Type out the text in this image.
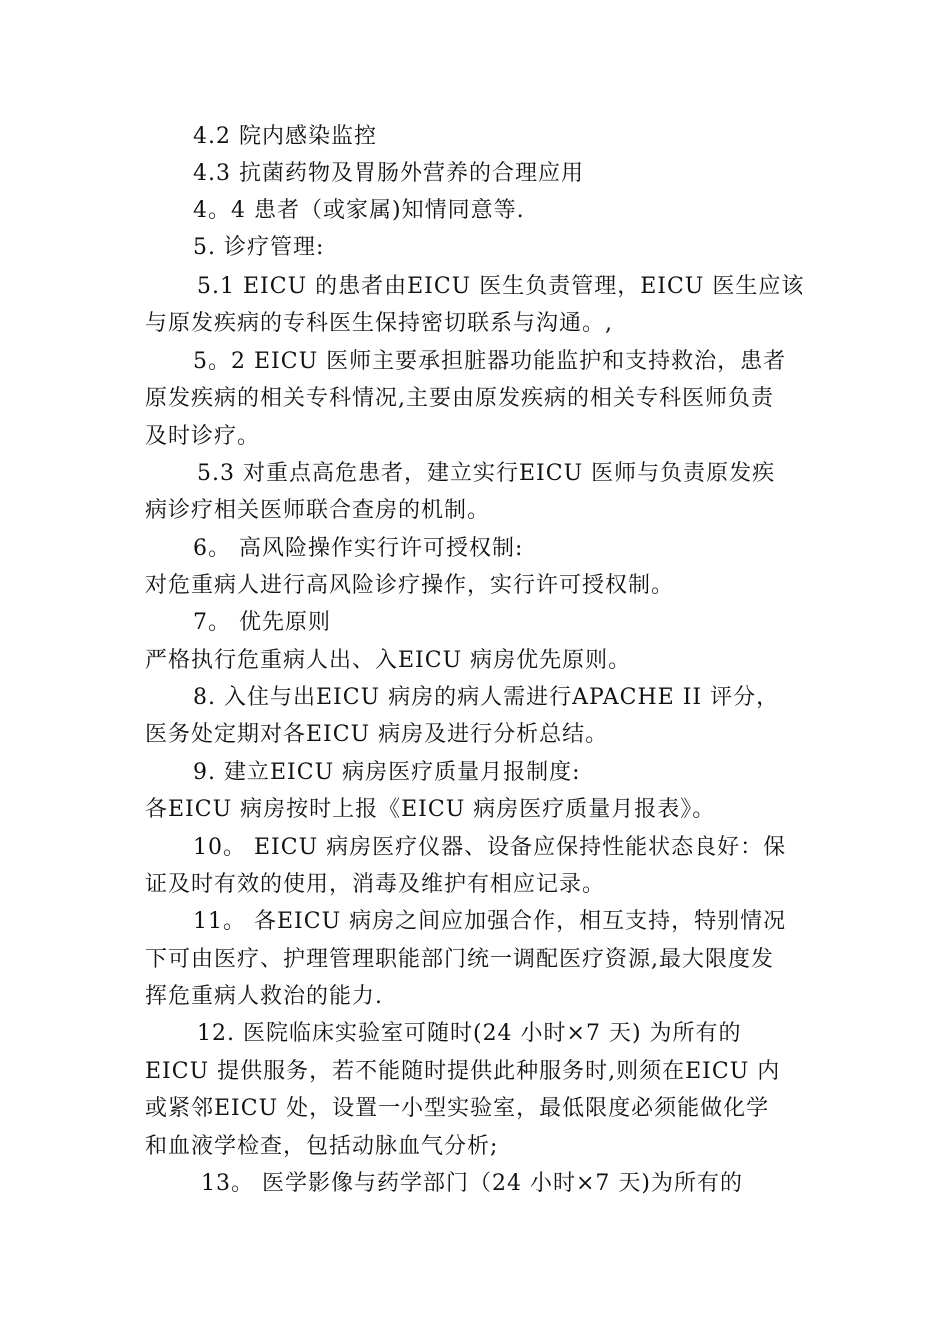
4.2 院内感染监控
4.3 抗菌药物及胃肠外营养的合理应用
4。4 患者（或家属)知情同意等.
5. 诊疗管理:
5.1 EICU 的患者由EICU 医生负责管理，EICU 医生应该
与原发疾病的专科医生保持密切联系与沟通。,
5。2 EICU 医师主要承担脏器功能监护和支持救治，患者
原发疾病的相关专科情况,主要由原发疾病的相关专科医师负责
及时诊疗。
5.3 对重点高危患者，建立实行EICU 医师与负责原发疾
病诊疗相关医师联合查房的机制。
6。 高风险操作实行许可授权制:
对危重病人进行高风险诊疗操作，实行许可授权制。
7。 优先原则
严格执行危重病人出、入EICU 病房优先原则。
8. 入住与出EICU 病房的病人需进行APACHE II 评分，
医务处定期对各EICU 病房及进行分析总结。
9. 建立EICU 病房医疗质量月报制度:
各EICU 病房按时上报《EICU 病房医疗质量月报表》。
10。 EICU 病房医疗仪器、设备应保持性能状态良好：保
证及时有效的使用，消毒及维护有相应记录。
11。 各EICU 病房之间应加强合作，相互支持，特别情况
下可由医疗、护理管理职能部门统一调配医疗资源,最大限度发
挥危重病人救治的能力.
12. 医院临床实验室可随时(24 小时×7 天) 为所有的
EICU 提供服务，若不能随时提供此种服务时,则须在EICU 内
或紧邻EICU 处，设置一小型实验室，最低限度必须能做化学
和血液学检查，包括动脉血气分析;
13。 医学影像与药学部门（24 小时×7 天)为所有的
